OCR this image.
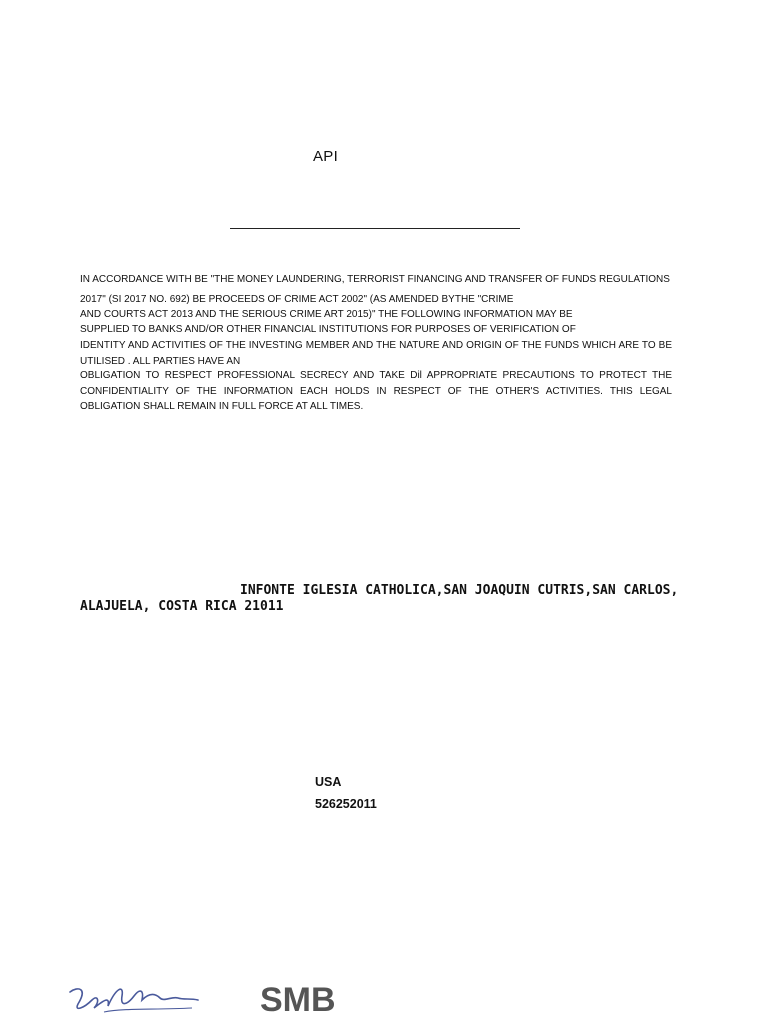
API

IN ACCORDANCE WITH BE "THE MONEY LAUNDERING, TERRORIST FINANCING AND TRANSFER OF FUNDS REGULATIONS

2017" (SI 2017 NO. 692) BE PROCEEDS OF CRIME ACT 2002" (AS AMENDED BYTHE "CRIME

AND COURTS ACT 2013 AND THE SERIOUS CRIME ART 2015)" THE FOLLOWING INFORMATION MAY BE

SUPPLIED TO BANKS AND/OR OTHER FINANCIAL INSTITUTIONS FOR PURPOSES OF VERIFICATION OF

IDENTITY AND ACTIVITIES OF THE INVESTING MEMBER AND THE NATURE AND ORIGIN OF THE FUNDS WHICH ARE TO BE UTILISED . ALL PARTIES HAVE AN

OBLIGATION TO RESPECT PROFESSIONAL SECRECY AND TAKE Dil APPROPRIATE PRECAUTIONS TO PROTECT THE CONFIDENTIALITY OF THE INFORMATION EACH HOLDS IN RESPECT OF THE OTHER'S ACTIVITIES. THIS LEGAL OBLIGATION SHALL REMAIN IN FULL FORCE AT ALL TIMES.

INFONTE IGLESIA CATHOLICA,SAN JOAQUIN CUTRIS,SAN CARLOS,
ALAJUELA, COSTA RICA 21011
USA
526252011
SMB
